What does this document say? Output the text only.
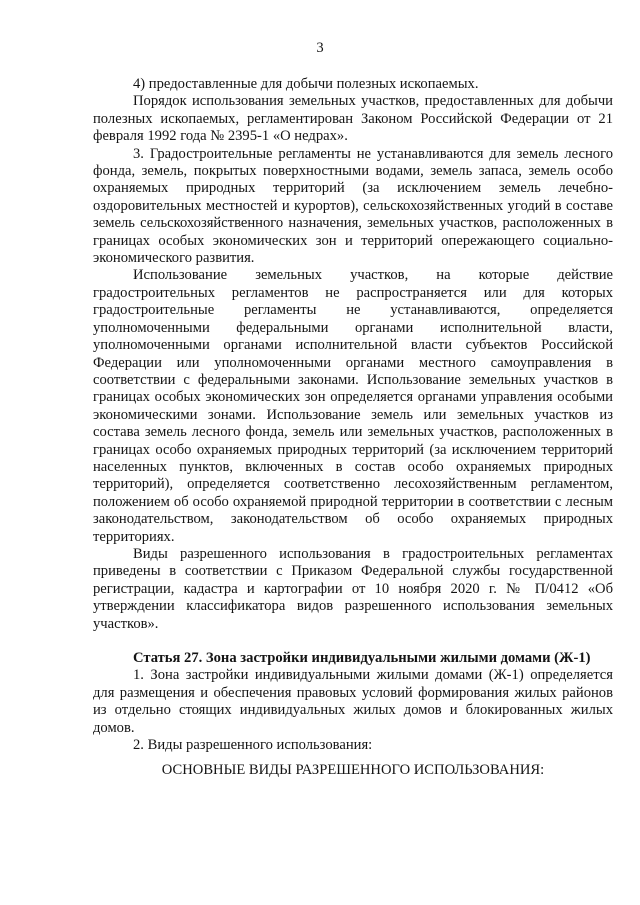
3

4) предоставленные для добычи полезных ископаемых.

Порядок использования земельных участков, предоставленных для добычи полезных ископаемых, регламентирован Законом Российской Федерации от 21 февраля 1992 года № 2395-1 «О недрах».

3. Градостроительные регламенты не устанавливаются для земель лесного фонда, земель, покрытых поверхностными водами, земель запаса, земель особо охраняемых природных территорий (за исключением земель лечебно-оздоровительных местностей и курортов), сельскохозяйственных угодий в составе земель сельскохозяйственного назначения, земельных участков, расположенных в границах особых экономических зон и территорий опережающего социально-экономического развития.

Использование земельных участков, на которые действие градостроительных регламентов не распространяется или для которых градостроительные регламенты не устанавливаются, определяется уполномоченными федеральными органами исполнительной власти, уполномоченными органами исполнительной власти субъектов Российской Федерации или уполномоченными органами местного самоуправления в соответствии с федеральными законами. Использование земельных участков в границах особых экономических зон определяется органами управления особыми экономическими зонами. Использование земель или земельных участков из состава земель лесного фонда, земель или земельных участков, расположенных в границах особо охраняемых природных территорий (за исключением территорий населенных пунктов, включенных в состав особо охраняемых природных территорий), определяется соответственно лесохозяйственным регламентом, положением об особо охраняемой природной территории в соответствии с лесным законодательством, законодательством об особо охраняемых природных территориях.

Виды разрешенного использования в градостроительных регламентах приведены в соответствии с Приказом Федеральной службы государственной регистрации, кадастра и картографии от 10 ноября 2020 г. № П/0412 «Об утверждении классификатора видов разрешенного использования земельных участков».

Статья 27. Зона застройки индивидуальными жилыми домами (Ж-1)

1. Зона застройки индивидуальными жилыми домами (Ж-1) определяется для размещения и обеспечения правовых условий формирования жилых районов из отдельно стоящих индивидуальных жилых домов и блокированных жилых домов.

2. Виды разрешенного использования:

ОСНОВНЫЕ ВИДЫ РАЗРЕШЕННОГО ИСПОЛЬЗОВАНИЯ:
